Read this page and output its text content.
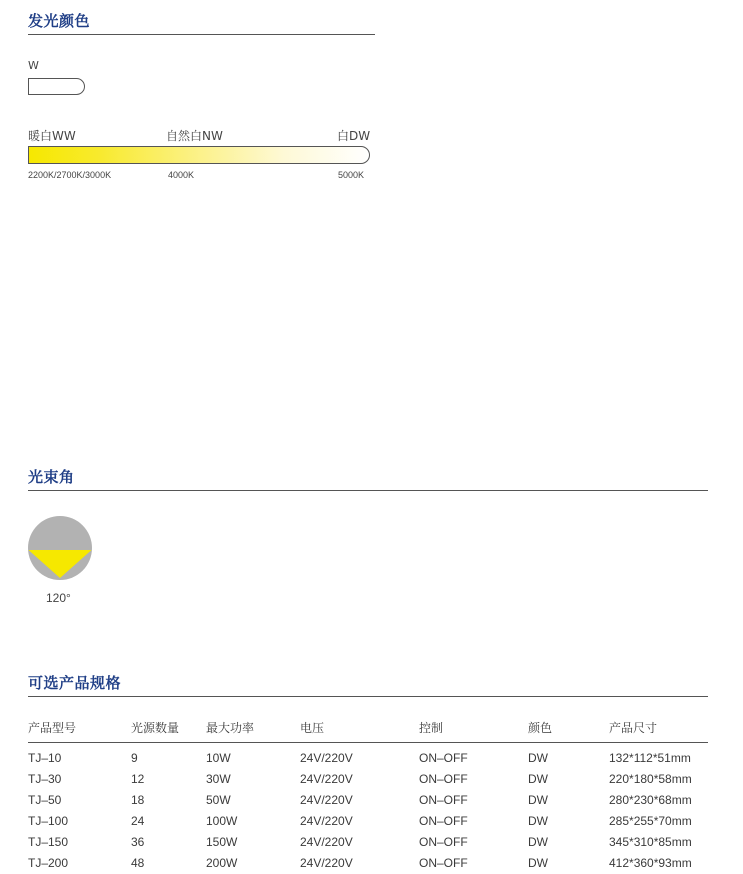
发光颜色
W
暖白WW	自然白NW	白DW
2200K/2700K/3000K	4000K	5000K
光束角
120°
可选产品规格
产品型号	光源数量	最大功率	电压	控制	颜色	产品尺寸
TJ–10	9	10W	24V/220V	ON–OFF	DW	132*112*51mm
TJ–30	12	30W	24V/220V	ON–OFF	DW	220*180*58mm
TJ–50	18	50W	24V/220V	ON–OFF	DW	280*230*68mm
TJ–100	24	100W	24V/220V	ON–OFF	DW	285*255*70mm
TJ–150	36	150W	24V/220V	ON–OFF	DW	345*310*85mm
TJ–200	48	200W	24V/220V	ON–OFF	DW	412*360*93mm
